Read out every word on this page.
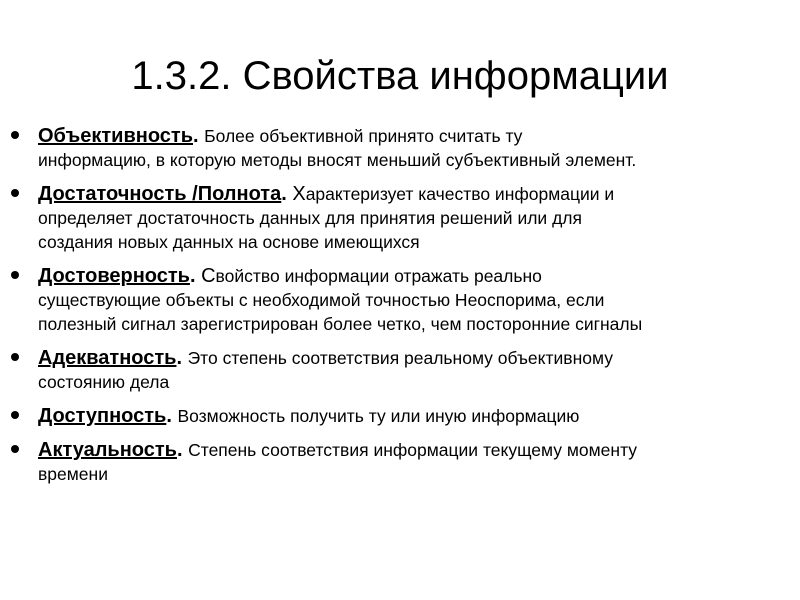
1.3.2. Свойства информации
Объективность. Более объективной принято считать ту
информацию, в которую методы вносят меньший субъективный элемент.
Достаточность /Полнота. Характеризует качество информации и
определяет достаточность данных для принятия решений или для
создания новых данных на основе имеющихся
Достоверность. Свойство информации отражать реально
существующие объекты с необходимой точностью Неоспорима, если
полезный сигнал зарегистрирован более четко, чем посторонние сигналы
Адекватность. Это степень соответствия реальному объективному
состоянию дела
Доступность. Возможность получить ту или иную информацию
Актуальность. Степень соответствия информации текущему моменту
времени
